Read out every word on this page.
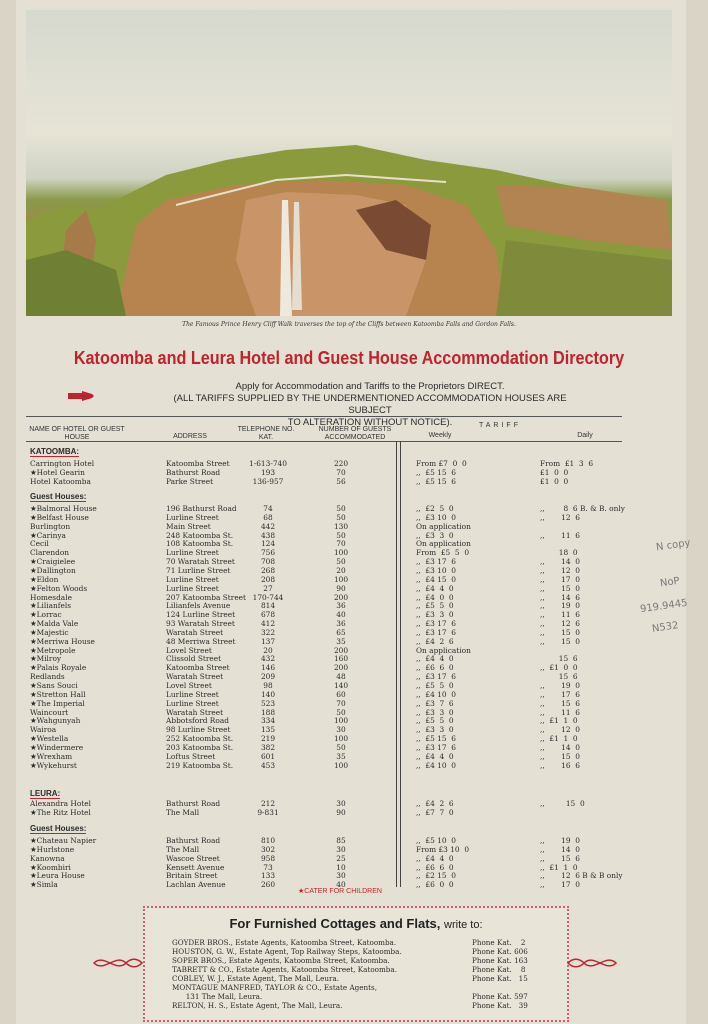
The Famous Prince Henry Cliff Walk traverses the top of the Cliffs between Katoomba Falls and Gordon Falls.
Katoomba and Leura Hotel and Guest House Accommodation Directory
Apply for Accommodation and Tariffs to the Proprietors DIRECT.
(ALL TARIFFS SUPPLIED BY THE UNDERMENTIONED ACCOMMODATION HOUSES ARE SUBJECT
TO ALTERATION WITHOUT NOTICE).
NAME OF HOTEL OR GUEST HOUSE	ADDRESS
TELEPHONE NO. KAT.
NUMBER OF GUESTS ACCOMMODATED
TARIFF
Weekly	Daily
KATOOMBA:
Carrington Hotel	Katoomba Street	1-613-740	220	From £7  0  0	From  £1  3  6
★Hotel Gearin	Bathurst Road	193	70	,,  £5 15  6	£1  0  0
Hotel Katoomba	Parke Street	136-957	56	,,  £5 15  6	£1  0  0
Guest Houses:
★Balmoral House	196 Bathurst Road	74	50	,,  £2  5  0	,,        8  6 B. & B. only
★Belfast House	Lurline Street	68	50	,,  £3 10  0	,,       12  6
Burlington	Main Street	442	130	On application
★Carinya	248 Katoomba St.	438	50	,,  £3  3  0	,,       11  6
Cecil	108 Katoomba St.	124	70	On application
Clarendon	Lurline Street	756	100	From  £5  5  0	18  0
★Craigielee	70 Waratah Street	708	50	,,  £3 17  6	,,       14  0
★Dallington	71 Lurline Street	268	20	,,  £3 10  0	,,       12  0
★Eldon	Lurline Street	208	100	,,  £4 15  0	,,       17  0
★Felton Woods	Lurline Street	27	90	,,  £4  4  0	,,       15  0
Homesdale	207 Katoomba Street 170-744	200	,,  £4  0  0	,,       14  6
★Lilianfels	Lilianfels Avenue	814	36	,,  £5  5  0	,,       19  0
★Lorrac	124 Lurline Street	678	40	,,  £3  3  0	,,       11  6
★Malda Vale	93 Waratah Street	412	36	,,  £3 17  6	,,       12  6
★Majestic	Waratah Street	322	65	,,  £3 17  6	,,       15  0
★Merriwa House	48 Merriwa Street	137	35	,,  £4  2  6	,,       15  0
★Metropole	Lovel Street	20	200	On application
★Milroy	Clissold Street	432	160	,,  £4  4  0	15  6
★Palais Royale	Katoomba Street	146	200	,,  £6  6  0	,,  £1  0  0
Redlands	Waratah Street	209	48	,,  £3 17  6	15  6
★Sans Souci	Lovel Street	98	140	,,  £5  5  0	,,       19  0
★Stretton Hall	Lurline Street	140	60	,,  £4 10  0	,,       17  6
★The Imperial	Lurline Street	523	70	,,  £3  7  6	,,       15  6
Waincourt	Waratah Street	188	50	,,  £3  3  0	,,       11  6
★Wahgunyah	Abbotsford Road	334	100	,,  £5  5  0	,,  £1  1  0
Wairoa	98 Lurline Street	135	30	,,  £3  3  0	,,       12  0
★Westella	252 Katoomba St.	219	100	,,  £5 15  6	,,  £1  1  0
★Windermere	203 Katoomba St.	382	50	,,  £3 17  6	,,       14  0
★Wrexham	Loftus Street	601	35	,,  £4  4  0	,,       15  0
★Wykehurst	219 Katoomba St.	453	100	,,  £4 10  0	,,       16  6
LEURA:
Alexandra Hotel	Bathurst Road	212	30	,,  £4  2  6	,,         15  0
★The Ritz Hotel	The Mall	9-831	90	,,  £7  7  0
Guest Houses:
★Chateau Napier	Bathurst Road	810	85	,,  £5 10  0	,,       19  0
★Hurlstone	The Mall	302	30	From £3 10  0	,,       14  0
Kanowna	Wascoe Street	958	25	,,  £4  4  0	,,       15  6
★Koombiri	Kensett Avenue	73	10	,,  £6  6  0	,,  £1  1  0
★Leura House	Britain Street	133	30	,,  £2 15  0	,,       12  6 B & B only
★Simla	Lachlan Avenue	260	40	,,  £6  0  0	,,       17  0
★CATER FOR CHILDREN
For Furnished Cottages and Flats, write to:
GOYDER BROS., Estate Agents, Katoomba Street, Katoomba.	Phone Kat.    2
HOUSTON, G. W., Estate Agent, Top Railway Steps, Katoomba.	Phone Kat. 606
SOPER BROS., Estate Agents, Katoomba Street, Katoomba.	Phone Kat. 163
TABRETT & CO., Estate Agents, Katoomba Street, Katoomba.	Phone Kat.    8
COBLEY, W. J., Estate Agent, The Mall, Leura.	Phone Kat.   15
MONTAGUE MANFRED, TAYLOR & CO., Estate Agents,
131 The Mall, Leura.	Phone Kat. 597
RELTON, H. S., Estate Agent, The Mall, Leura.	Phone Kat.   39
N copy
NoP
919.9445
N532
